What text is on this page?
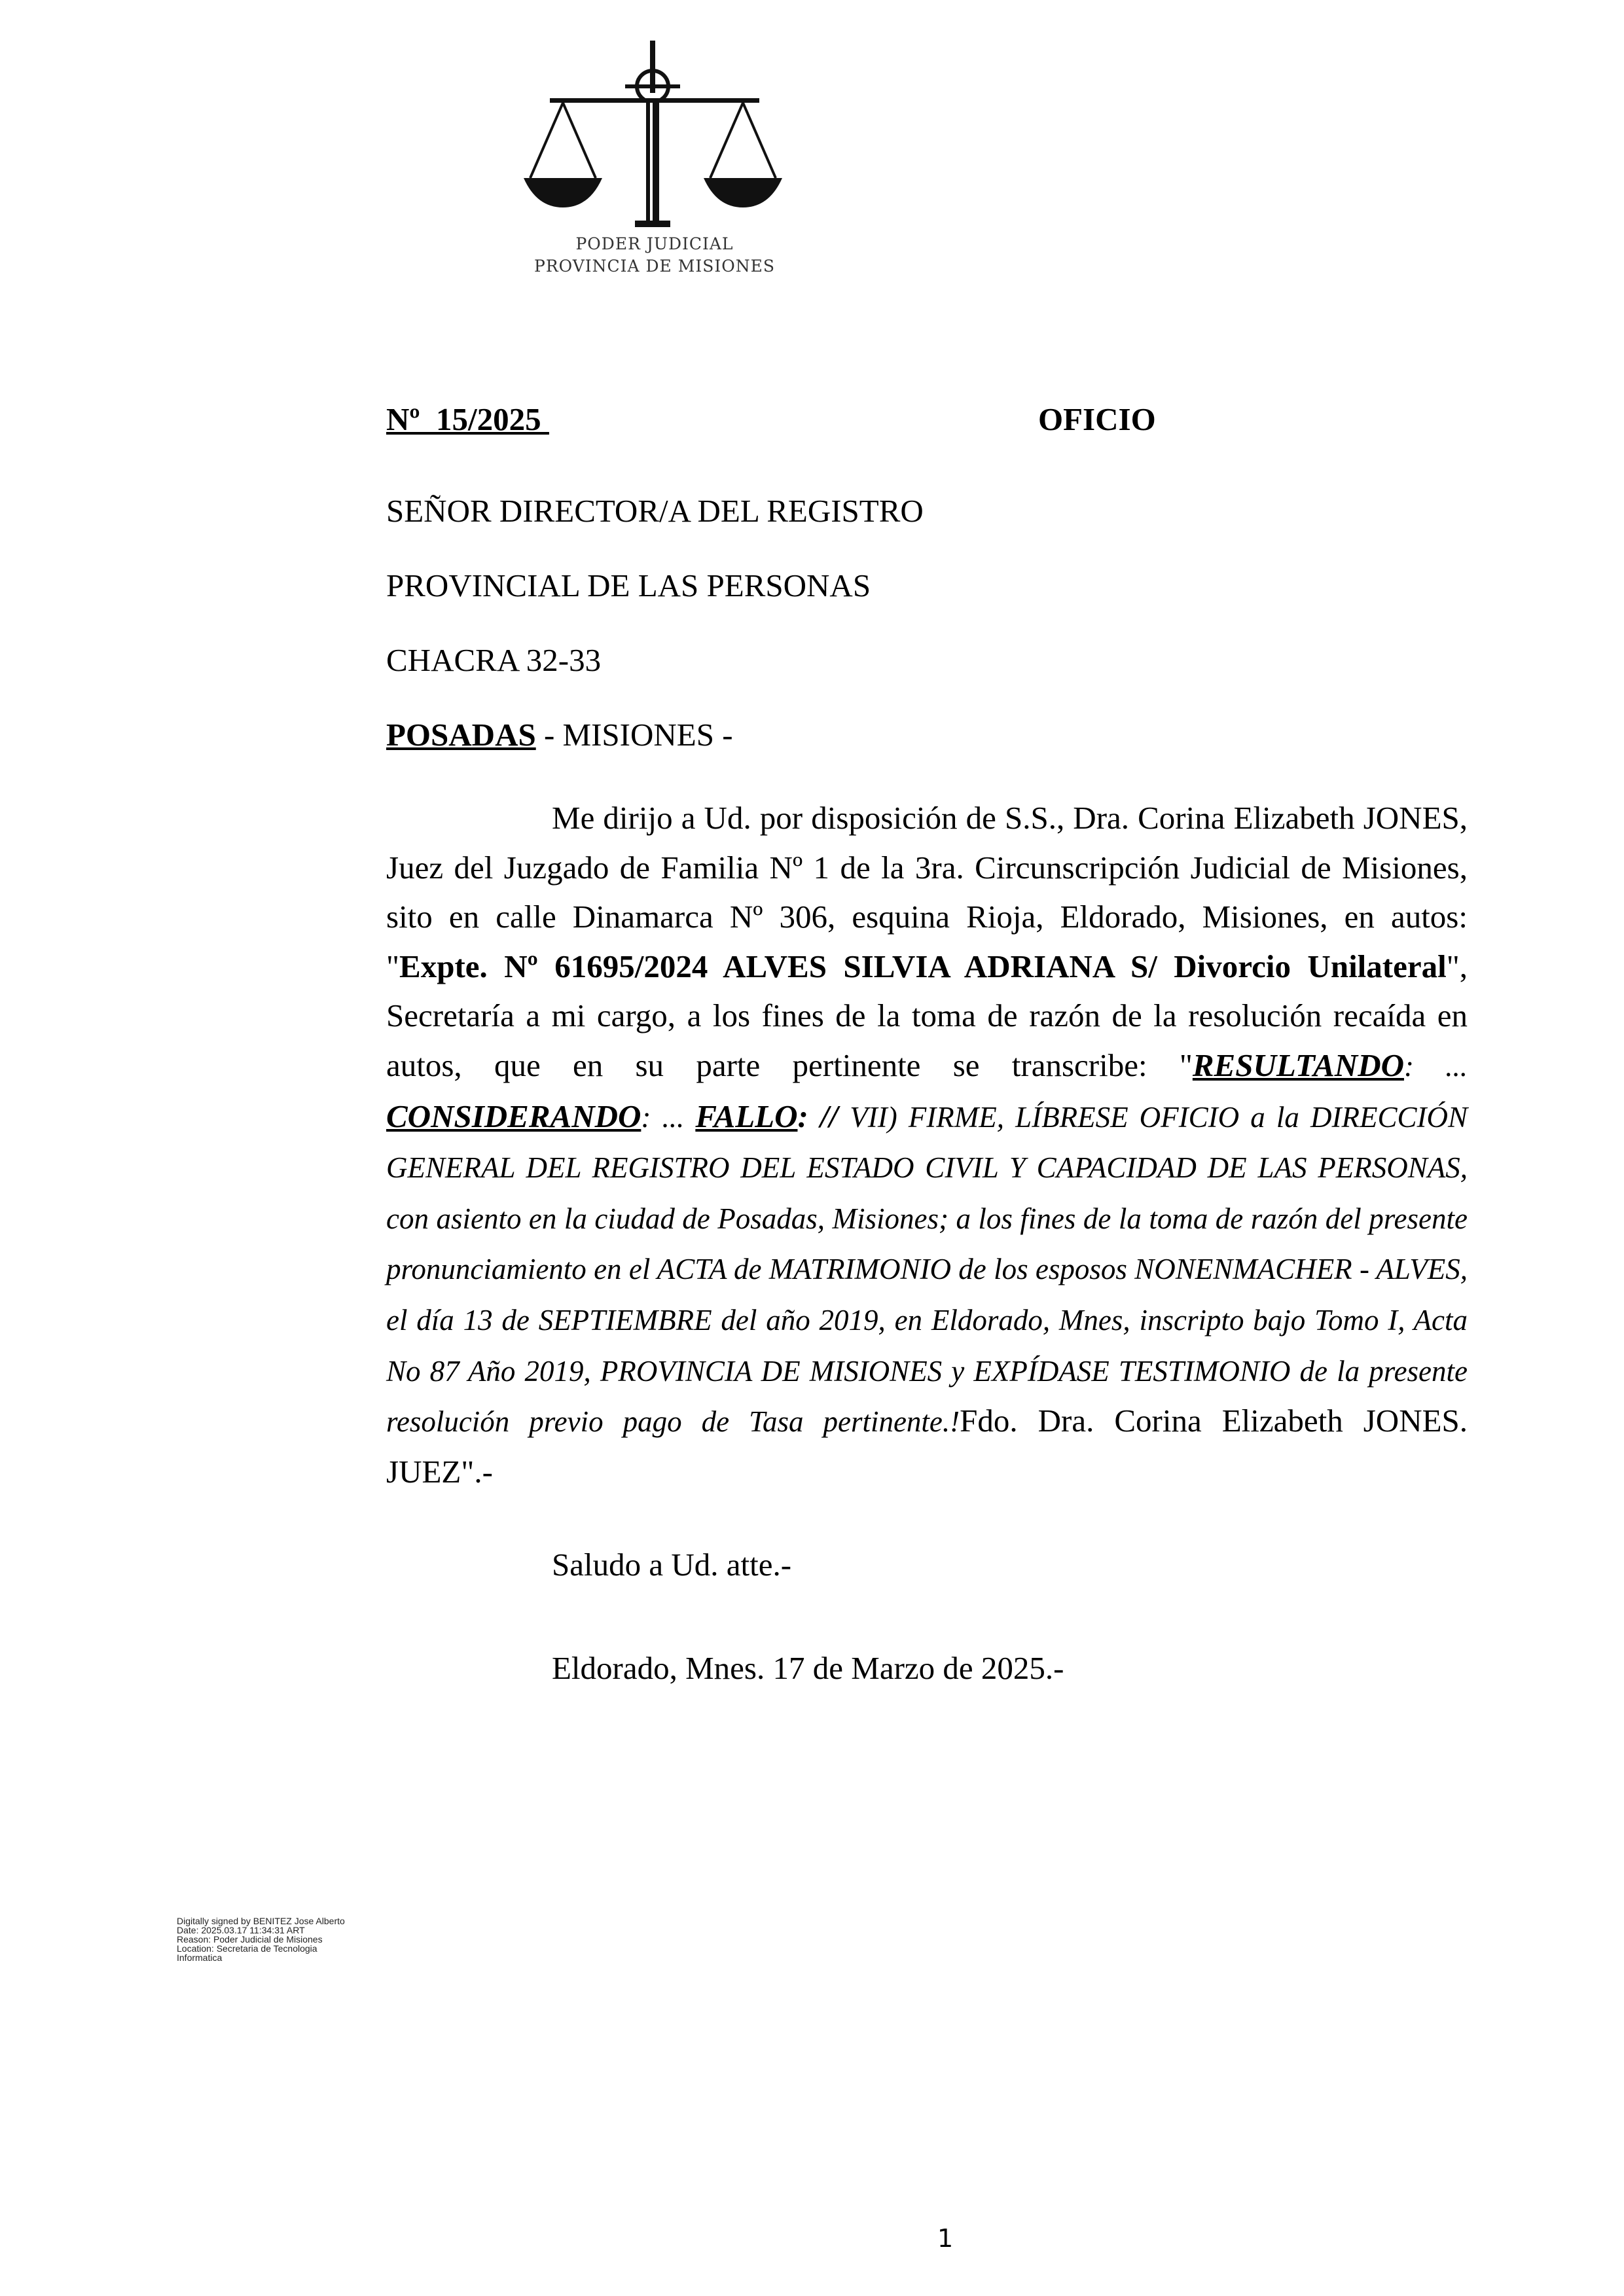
PODER JUDICIAL
PROVINCIA DE MISIONES
Nº  15/2025	OFICIO
SEÑOR DIRECTOR/A DEL REGISTRO
PROVINCIAL DE LAS PERSONAS
CHACRA 32-33
POSADAS - MISIONES -
Me dirijo a Ud. por disposición de S.S., Dra. Corina Elizabeth JONES, Juez del Juzgado de Familia Nº 1 de la 3ra. Circunscripción Judicial de Misiones, sito en calle Dinamarca Nº 306, esquina Rioja, Eldorado, Misiones, en autos: "Expte. Nº 61695/2024 ALVES SILVIA ADRIANA S/ Divorcio Unilateral", Secretaría a mi cargo, a los fines de la toma de razón de la resolución recaída en autos, que en su parte pertinente se transcribe: "RESULTANDO: ... CONSIDERANDO: ... FALLO: // VII) FIRME, LÍBRESE OFICIO a la DIRECCIÓN GENERAL DEL REGISTRO DEL ESTADO CIVIL Y CAPACIDAD DE LAS PERSONAS, con asiento en la ciudad de Posadas, Misiones; a los fines de la toma de razón del presente pronunciamiento en el ACTA de MATRIMONIO de los esposos NONENMACHER - ALVES, el día 13 de SEPTIEMBRE del año 2019, en Eldorado, Mnes, inscripto bajo Tomo I, Acta No 87 Año 2019, PROVINCIA DE MISIONES y EXPÍDASE TESTIMONIO de la presente resolución previo pago de Tasa pertinente.!Fdo. Dra. Corina Elizabeth JONES. JUEZ".-
Saludo a Ud. atte.-
Eldorado, Mnes. 17 de Marzo de 2025.-
Digitally signed by BENITEZ Jose Alberto
Date: 2025.03.17 11:34:31 ART
Reason: Poder Judicial de Misiones
Location: Secretaria de Tecnologia
Informatica
1
